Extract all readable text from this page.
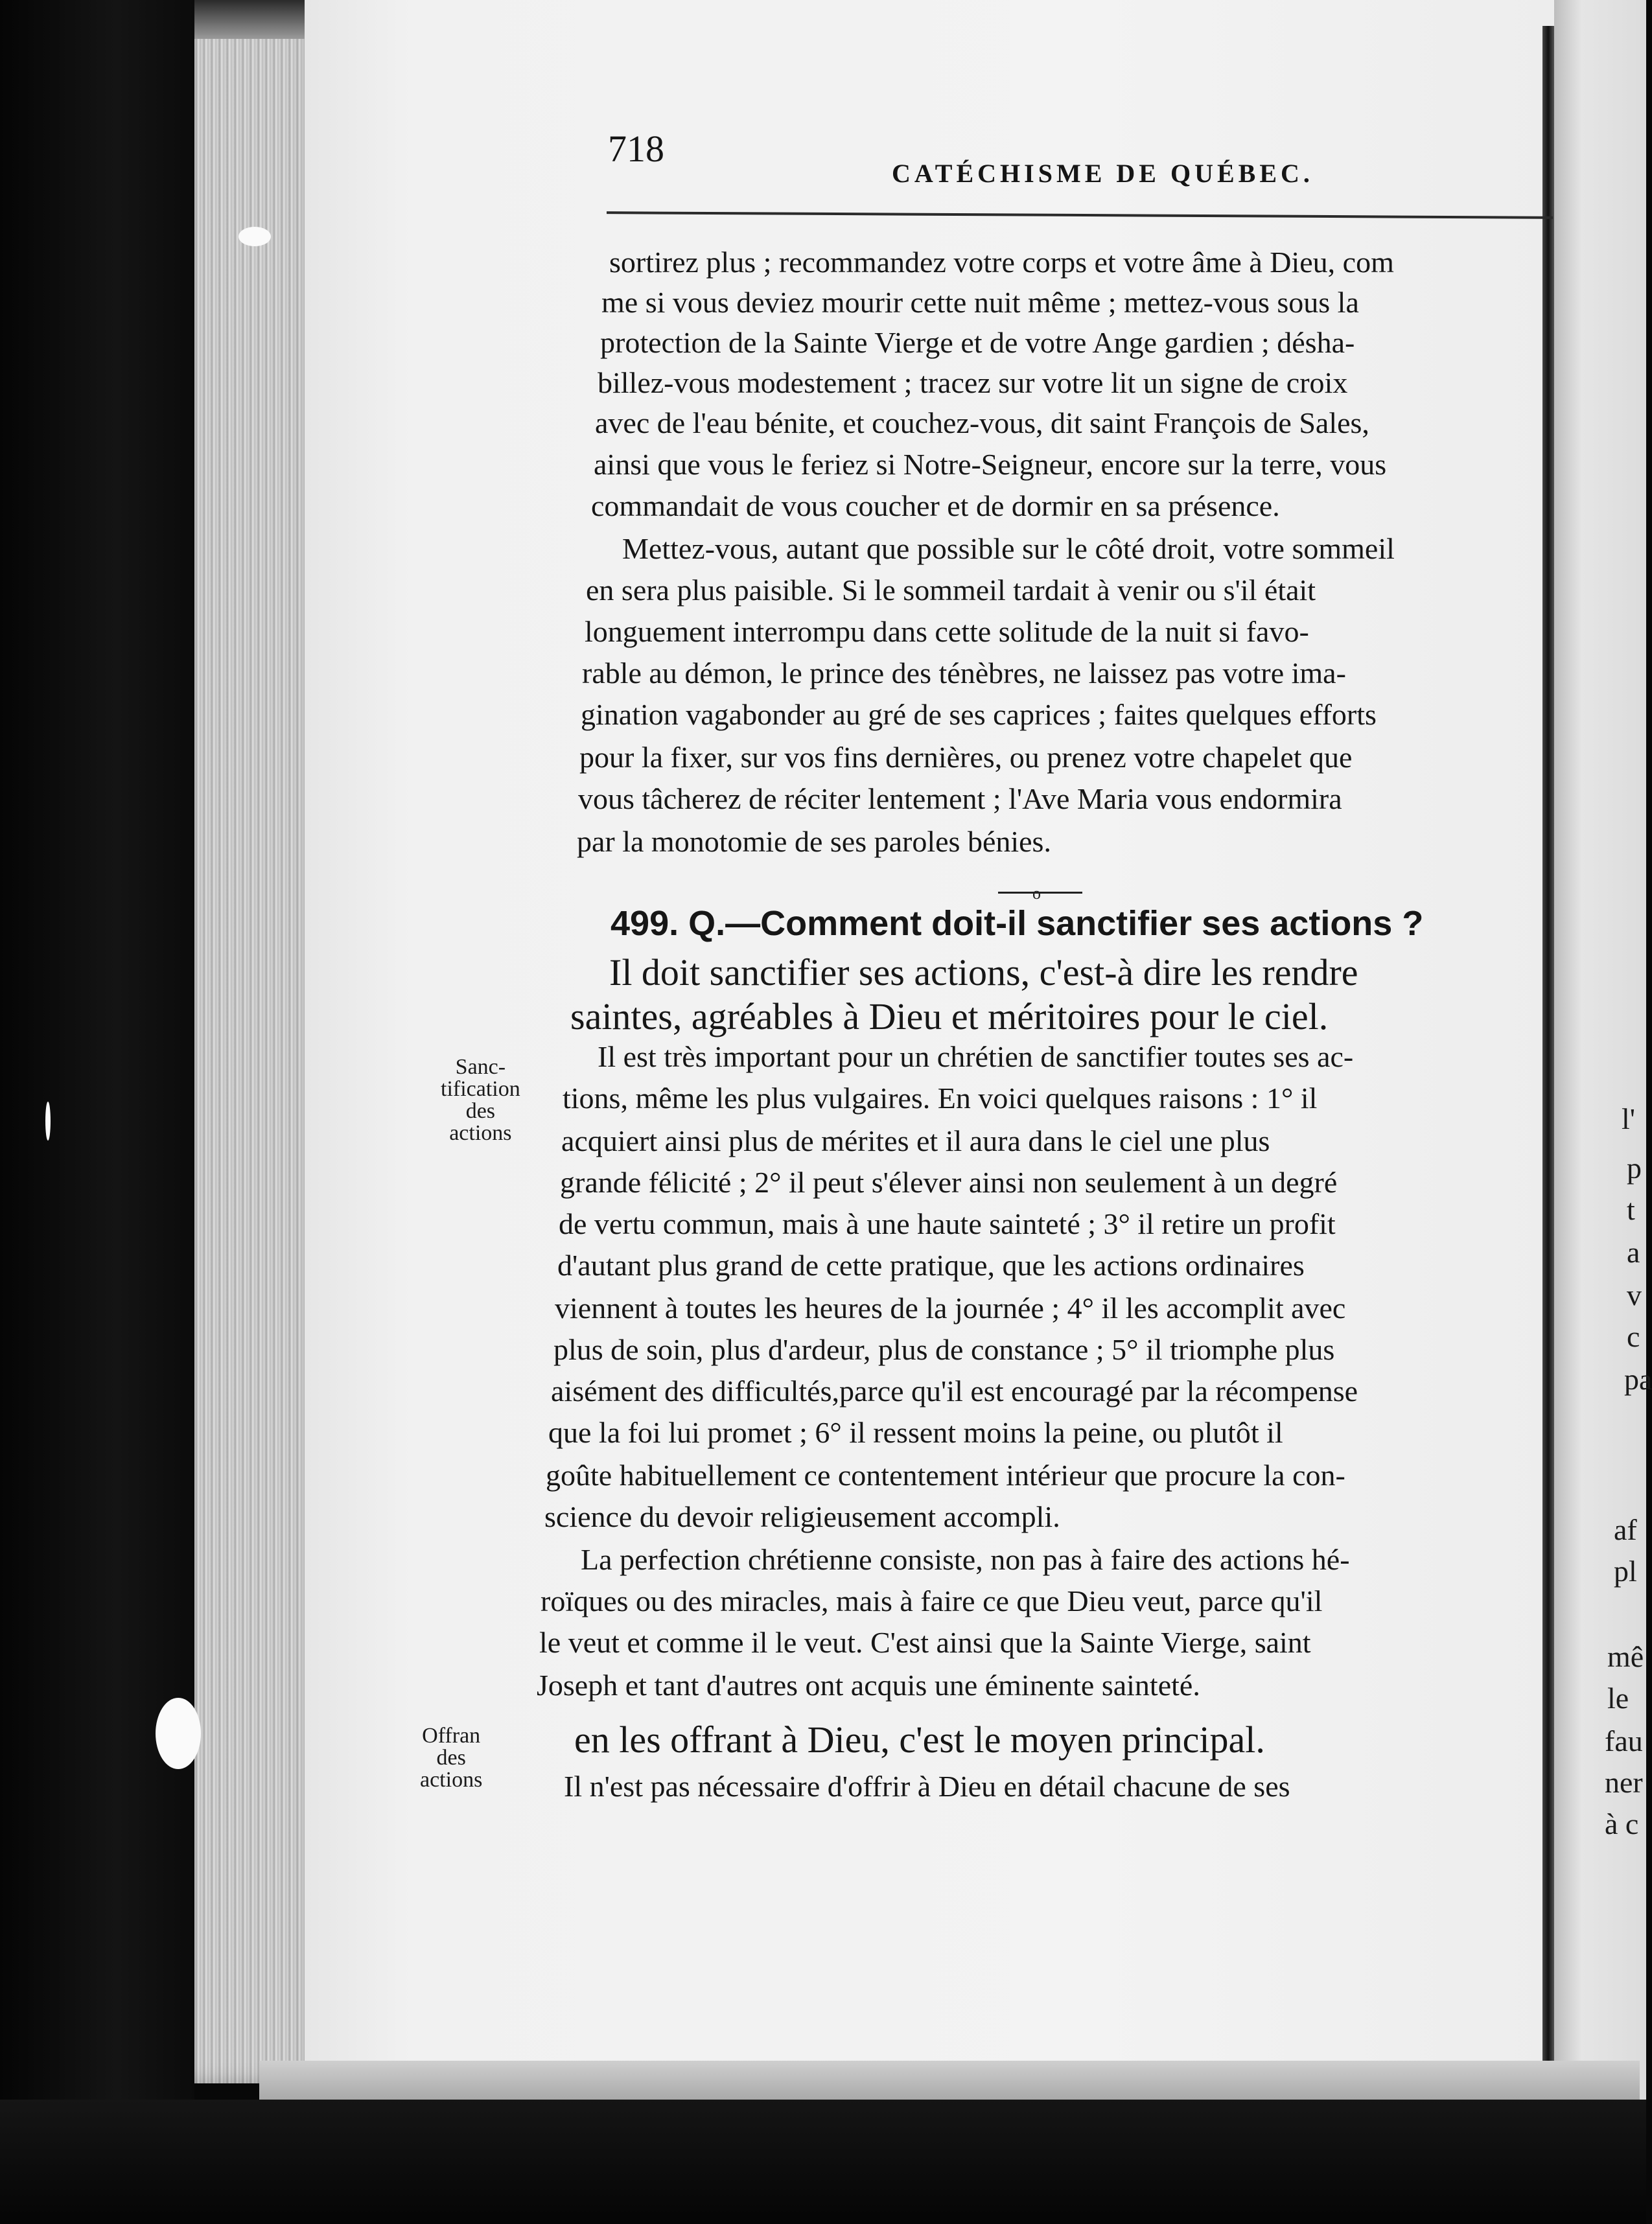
718
CATÉCHISME DE QUÉBEC.
sortirez plus ; recommandez votre corps et votre âme à Dieu, com
me si vous deviez mourir cette nuit même ; mettez-vous sous la
protection de la Sainte Vierge et de votre Ange gardien ; désha-
billez-vous modestement ; tracez sur votre lit un signe de croix
avec de l'eau bénite, et couchez-vous, dit saint François de Sales,
ainsi que vous le feriez si Notre-Seigneur, encore sur la terre, vous
commandait de vous coucher et de dormir en sa présence.
Mettez-vous, autant que possible sur le côté droit, votre sommeil
en sera plus paisible. Si le sommeil tardait à venir ou s'il était
longuement interrompu dans cette solitude de la nuit si favo-
rable au démon, le prince des ténèbres, ne laissez pas votre ima-
gination vagabonder au gré de ses caprices ; faites quelques efforts
pour la fixer, sur vos fins dernières, ou prenez votre chapelet que
vous tâcherez de réciter lentement ; l'Ave Maria vous endormira
par la monotomie de ses paroles bénies.
o
499. Q.—Comment doit-il sanctifier ses actions ?
Il doit sanctifier ses actions, c'est-à dire les rendre
saintes, agréables à Dieu et méritoires pour le ciel.
Sanc-
tification
des
actions
Il est très important pour un chrétien de sanctifier toutes ses ac-
tions, même les plus vulgaires. En voici quelques raisons : 1° il
acquiert ainsi plus de mérites et il aura dans le ciel une plus
grande félicité ; 2° il peut s'élever ainsi non seulement à un degré
de vertu commun, mais à une haute sainteté ; 3° il retire un profit
d'autant plus grand de cette pratique, que les actions ordinaires
viennent à toutes les heures de la journée ; 4° il les accomplit avec
plus de soin, plus d'ardeur, plus de constance ; 5° il triomphe plus
aisément des difficultés,parce qu'il est encouragé par la récompense
que la foi lui promet ; 6° il ressent moins la peine, ou plutôt il
goûte habituellement ce contentement intérieur que procure la con-
science du devoir religieusement accompli.
La perfection chrétienne consiste, non pas à faire des actions hé-
roïques ou des miracles, mais à faire ce que Dieu veut, parce qu'il
le veut et comme il le veut. C'est ainsi que la Sainte Vierge, saint
Joseph et tant d'autres ont acquis une éminente sainteté.
Offran
des
actions
en les offrant à Dieu, c'est le moyen principal.
Il n'est pas nécessaire d'offrir à Dieu en détail chacune de ses
l'
p
t
a
v
c
pa
af
pl
mê
le
fau
ner
à c
